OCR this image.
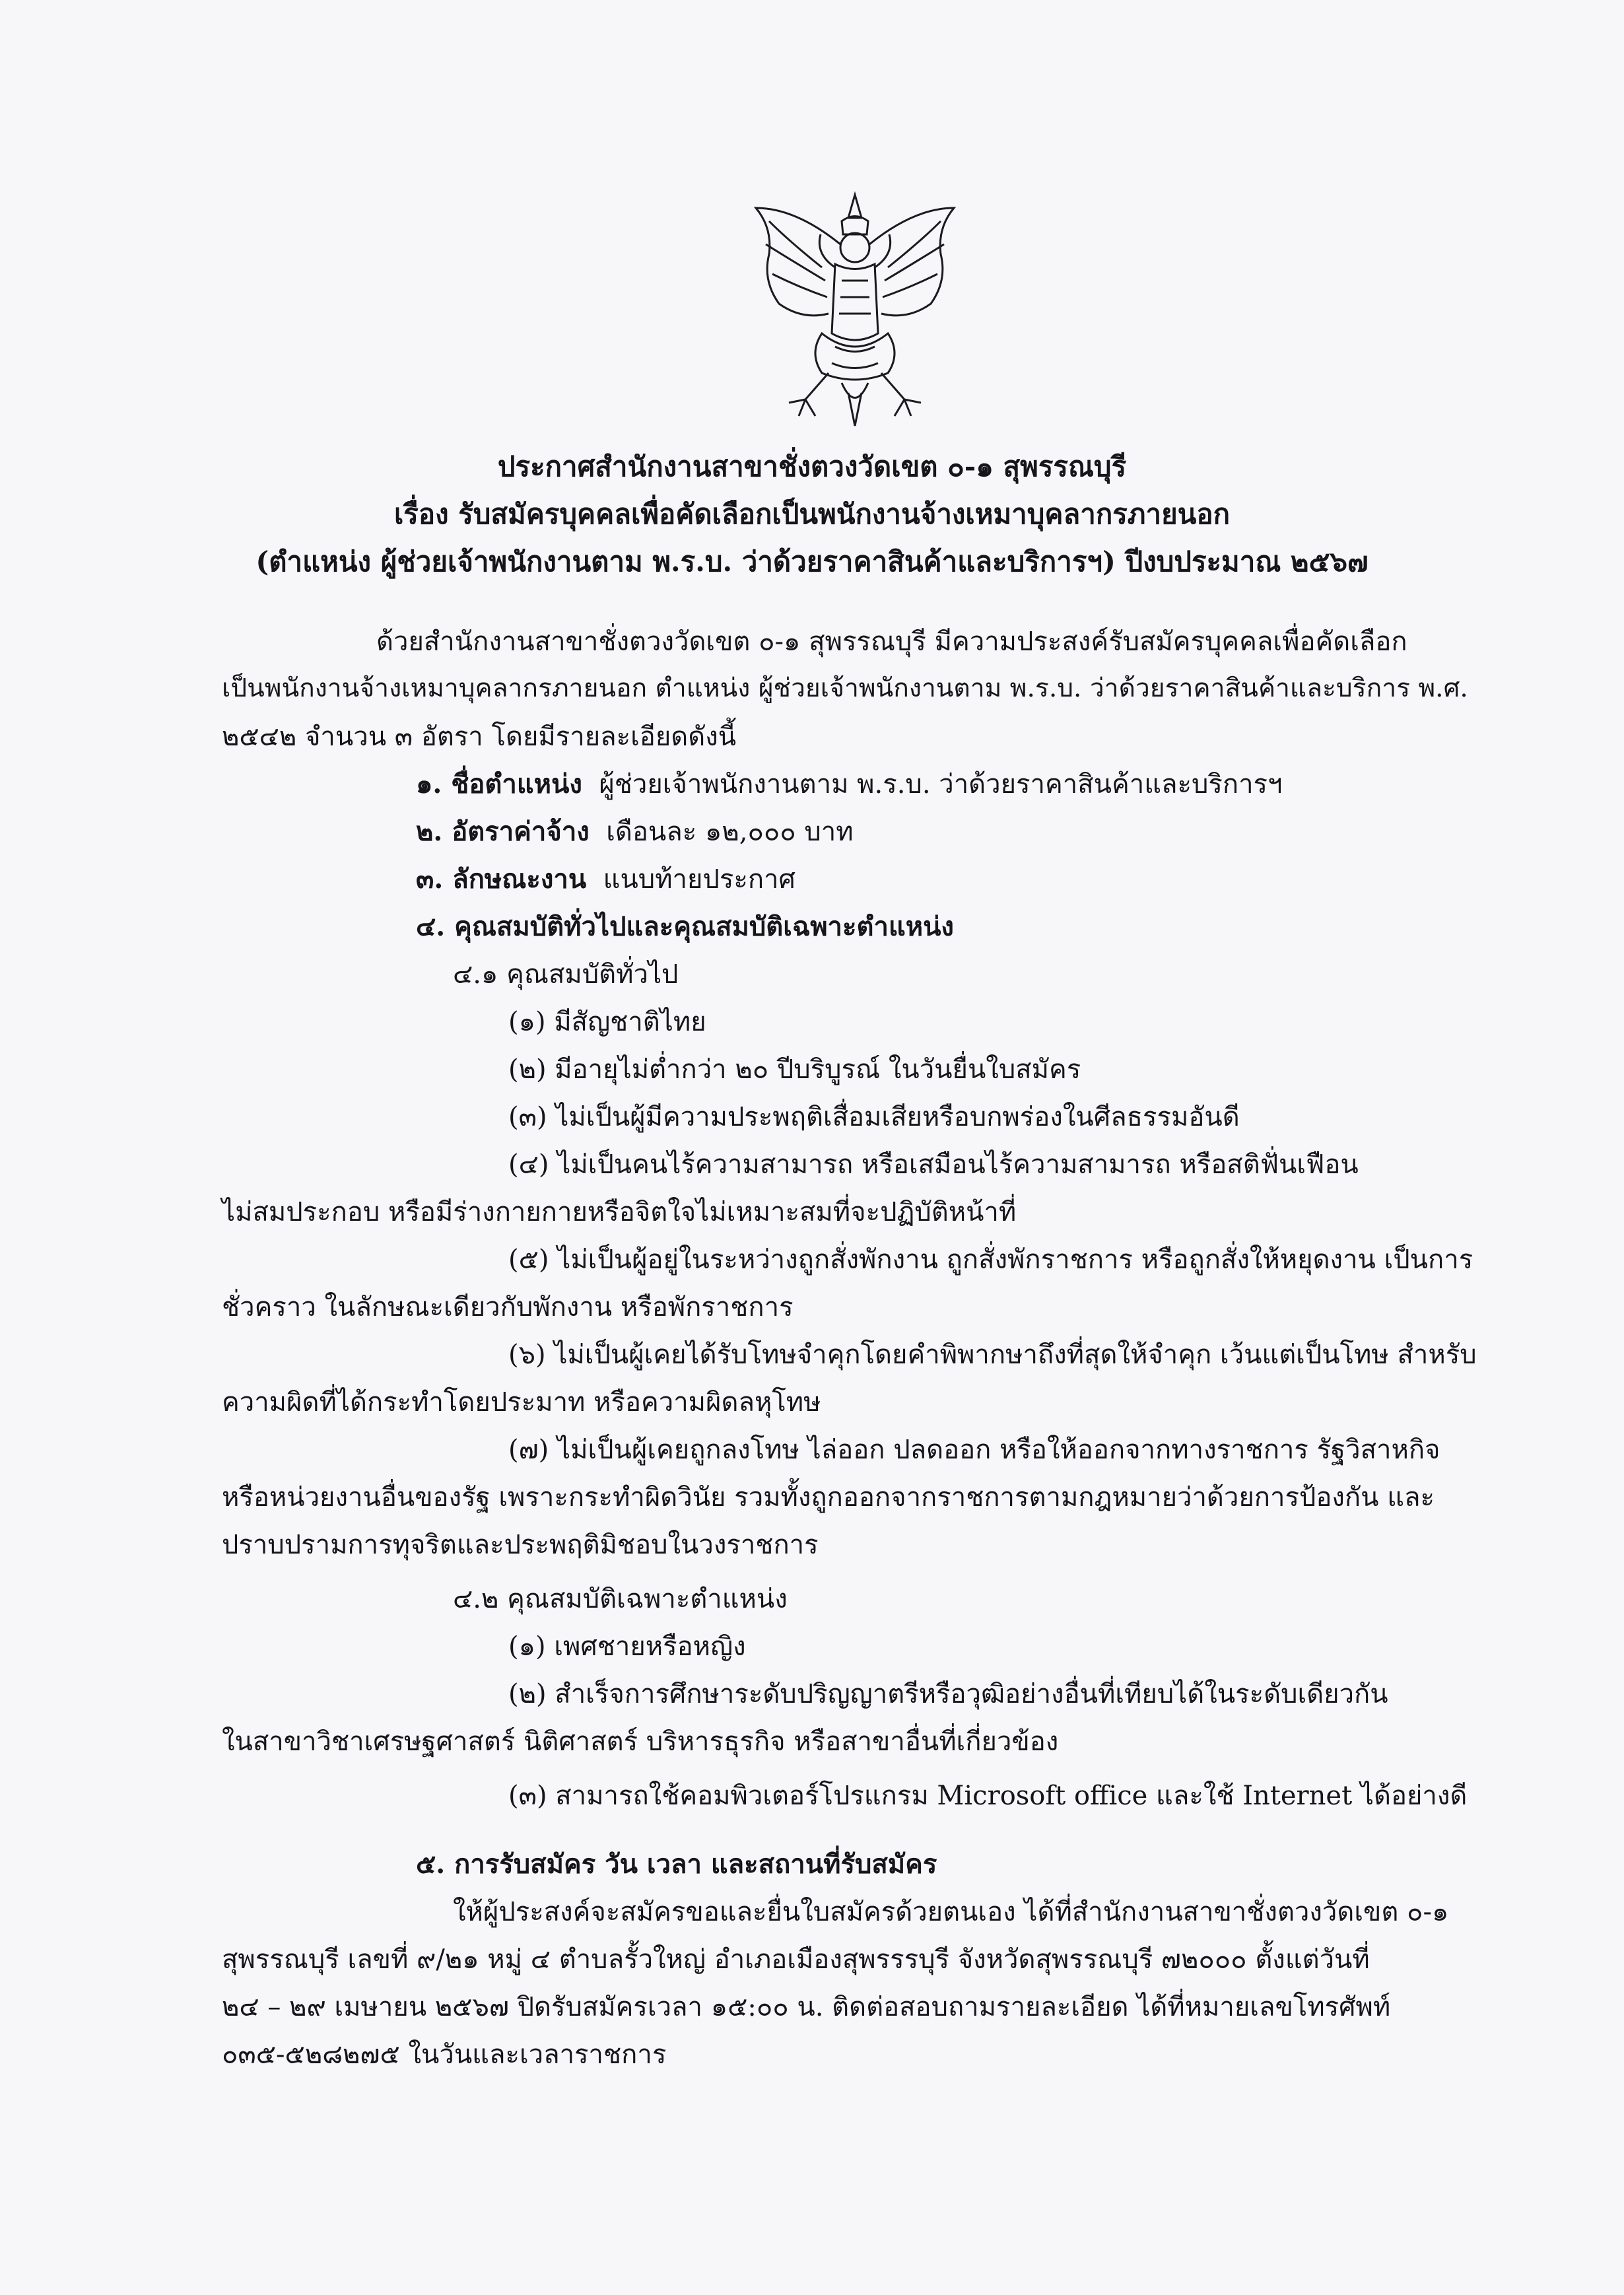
ประกาศสำนักงานสาขาชั่งตวงวัดเขต ๐-๑ สุพรรณบุรี
เรื่อง รับสมัครบุคคลเพื่อคัดเลือกเป็นพนักงานจ้างเหมาบุคลากรภายนอก
(ตำแหน่ง ผู้ช่วยเจ้าพนักงานตาม พ.ร.บ. ว่าด้วยราคาสินค้าและบริการฯ) ปีงบประมาณ ๒๕๖๗
ด้วยสำนักงานสาขาชั่งตวงวัดเขต ๐-๑ สุพรรณบุรี มีความประสงค์รับสมัครบุคคลเพื่อคัดเลือก
เป็นพนักงานจ้างเหมาบุคลากรภายนอก ตำแหน่ง ผู้ช่วยเจ้าพนักงานตาม พ.ร.บ. ว่าด้วยราคาสินค้าและบริการ พ.ศ.
๒๕๔๒ จำนวน ๓ อัตรา โดยมีรายละเอียดดังนี้
๑. ชื่อตำแหน่ง ผู้ช่วยเจ้าพนักงานตาม พ.ร.บ. ว่าด้วยราคาสินค้าและบริการฯ
๒. อัตราค่าจ้าง เดือนละ ๑๒,๐๐๐ บาท
๓. ลักษณะงาน แนบท้ายประกาศ
๔. คุณสมบัติทั่วไปและคุณสมบัติเฉพาะตำแหน่ง
๔.๑ คุณสมบัติทั่วไป
(๑) มีสัญชาติไทย
(๒) มีอายุไม่ต่ำกว่า ๒๐ ปีบริบูรณ์ ในวันยื่นใบสมัคร
(๓) ไม่เป็นผู้มีความประพฤติเสื่อมเสียหรือบกพร่องในศีลธรรมอันดี
(๔) ไม่เป็นคนไร้ความสามารถ หรือเสมือนไร้ความสามารถ หรือสติฟั่นเฟือน
ไม่สมประกอบ หรือมีร่างกายกายหรือจิตใจไม่เหมาะสมที่จะปฏิบัติหน้าที่
(๕) ไม่เป็นผู้อยู่ในระหว่างถูกสั่งพักงาน ถูกสั่งพักราชการ หรือถูกสั่งให้หยุดงาน เป็นการ
ชั่วคราว ในลักษณะเดียวกับพักงาน หรือพักราชการ
(๖) ไม่เป็นผู้เคยได้รับโทษจำคุกโดยคำพิพากษาถึงที่สุดให้จำคุก เว้นแต่เป็นโทษ สำหรับ
ความผิดที่ได้กระทำโดยประมาท หรือความผิดลหุโทษ
(๗) ไม่เป็นผู้เคยถูกลงโทษ ไล่ออก ปลดออก หรือให้ออกจากทางราชการ รัฐวิสาหกิจ
หรือหน่วยงานอื่นของรัฐ เพราะกระทำผิดวินัย รวมทั้งถูกออกจากราชการตามกฎหมายว่าด้วยการป้องกัน และ
ปราบปรามการทุจริตและประพฤติมิชอบในวงราชการ
๔.๒ คุณสมบัติเฉพาะตำแหน่ง
(๑) เพศชายหรือหญิง
(๒) สำเร็จการศึกษาระดับปริญญาตรีหรือวุฒิอย่างอื่นที่เทียบได้ในระดับเดียวกัน
ในสาขาวิชาเศรษฐศาสตร์ นิติศาสตร์ บริหารธุรกิจ หรือสาขาอื่นที่เกี่ยวข้อง
(๓) สามารถใช้คอมพิวเตอร์โปรแกรม Microsoft office และใช้ Internet ได้อย่างดี
๕. การรับสมัคร วัน เวลา และสถานที่รับสมัคร
ให้ผู้ประสงค์จะสมัครขอและยื่นใบสมัครด้วยตนเอง ได้ที่สำนักงานสาขาชั่งตวงวัดเขต ๐-๑
สุพรรณบุรี เลขที่ ๙/๒๑ หมู่ ๔ ตำบลรั้วใหญ่ อำเภอเมืองสุพรรรบุรี จังหวัดสุพรรณบุรี ๗๒๐๐๐ ตั้งแต่วันที่
๒๔ – ๒๙ เมษายน ๒๕๖๗ ปิดรับสมัครเวลา ๑๕:๐๐ น. ติดต่อสอบถามรายละเอียด ได้ที่หมายเลขโทรศัพท์
๐๓๕-๕๒๘๒๗๕ ในวันและเวลาราชการ
